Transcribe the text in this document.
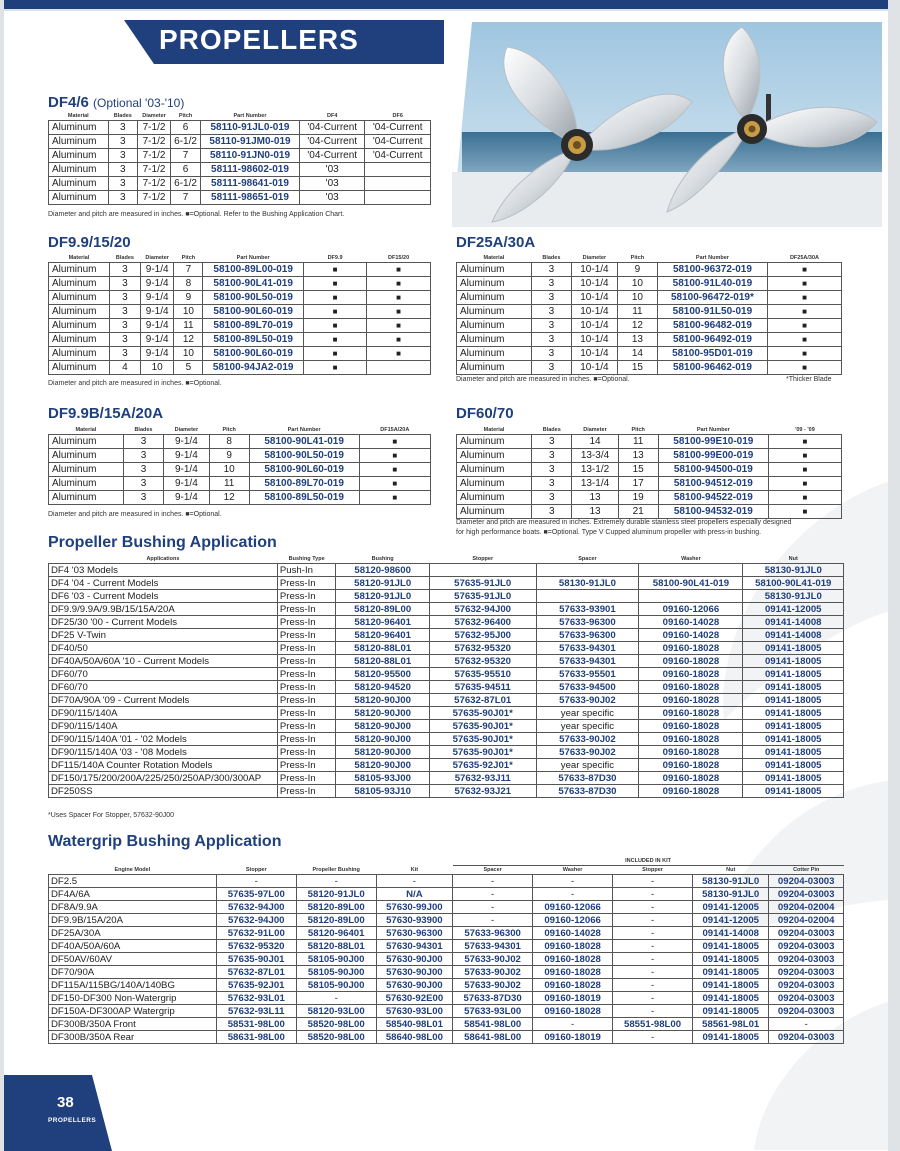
PROPELLERS
DF4/6 (Optional '03-'10)
Material	Blades	Diameter	Pitch	Part Number	DF4	DF6
Aluminum	3	7-1/2	6	58110-91JL0-019	'04-Current	'04-Current
Aluminum	3	7-1/2	6-1/2	58110-91JM0-019	'04-Current	'04-Current
Aluminum	3	7-1/2	7	58110-91JN0-019	'04-Current	'04-Current
Aluminum	3	7-1/2	6	58111-98602-019	'03	
Aluminum	3	7-1/2	6-1/2	58111-98641-019	'03	
Aluminum	3	7-1/2	7	58111-98651-019	'03	
Diameter and pitch are measured in inches. ■=Optional. Refer to the Bushing Application Chart.
DF9.9/15/20
Material	Blades	Diameter	Pitch	Part Number	DF9.9	DF15/20
Aluminum	3	9-1/4	7	58100-89L00-019	■	■
Aluminum	3	9-1/4	8	58100-90L41-019	■	■
Aluminum	3	9-1/4	9	58100-90L50-019	■	■
Aluminum	3	9-1/4	10	58100-90L60-019	■	■
Aluminum	3	9-1/4	11	58100-89L70-019	■	■
Aluminum	3	9-1/4	12	58100-89L50-019	■	■
Aluminum	3	9-1/4	10	58100-90L60-019	■	■
Aluminum	4	10	5	58100-94JA2-019	■	
Diameter and pitch are measured in inches. ■=Optional.
DF25A/30A
Material	Blades	Diameter	Pitch	Part Number	DF25A/30A
Aluminum	3	10-1/4	9	58100-96372-019	■
Aluminum	3	10-1/4	10	58100-91L40-019	■
Aluminum	3	10-1/4	10	58100-96472-019*	■
Aluminum	3	10-1/4	11	58100-91L50-019	■
Aluminum	3	10-1/4	12	58100-96482-019	■
Aluminum	3	10-1/4	13	58100-96492-019	■
Aluminum	3	10-1/4	14	58100-95D01-019	■
Aluminum	3	10-1/4	15	58100-96462-019	■
Diameter and pitch are measured in inches. ■=Optional.	*Thicker Blade
DF9.9B/15A/20A
Material	Blades	Diameter	Pitch	Part Number	DF15A/20A
Aluminum	3	9-1/4	8	58100-90L41-019	■
Aluminum	3	9-1/4	9	58100-90L50-019	■
Aluminum	3	9-1/4	10	58100-90L60-019	■
Aluminum	3	9-1/4	11	58100-89L70-019	■
Aluminum	3	9-1/4	12	58100-89L50-019	■
Diameter and pitch are measured in inches. ■=Optional.
DF60/70
Material	Blades	Diameter	Pitch	Part Number	'09 - '09
Aluminum	3	14	11	58100-99E10-019	■
Aluminum	3	13-3/4	13	58100-99E00-019	■
Aluminum	3	13-1/2	15	58100-94500-019	■
Aluminum	3	13-1/4	17	58100-94512-019	■
Aluminum	3	13	19	58100-94522-019	■
Aluminum	3	13	21	58100-94532-019	■
Diameter and pitch are measured in inches. Extremely durable stainless steel propellers especially designed
for high performance boats. ■=Optional. Type V Cupped aluminum propeller with press-in bushing.
Propeller Bushing Application
Applications	Bushing Type	Bushing	Stopper	Spacer	Washer	Nut
DF4 '03 Models	Push-In	58120-98600				58130-91JL0
DF4 '04 - Current Models	Press-In	58120-91JL0	57635-91JL0	58130-91JL0	58100-90L41-019	58100-90L41-019
DF6 '03 - Current Models	Press-In	58120-91JL0	57635-91JL0			58130-91JL0
DF9.9/9.9A/9.9B/15/15A/20A	Press-In	58120-89L00	57632-94J00	57633-93901	09160-12066	09141-12005
DF25/30 '00 - Current Models	Press-In	58120-96401	57632-96400	57633-96300	09160-14028	09141-14008
DF25 V-Twin	Press-In	58120-96401	57632-95J00	57633-96300	09160-14028	09141-14008
DF40/50	Press-In	58120-88L01	57632-95320	57633-94301	09160-18028	09141-18005
DF40A/50A/60A '10 - Current Models	Press-In	58120-88L01	57632-95320	57633-94301	09160-18028	09141-18005
DF60/70	Press-In	58120-95500	57635-95510	57633-95501	09160-18028	09141-18005
DF60/70	Press-In	58120-94520	57635-94511	57633-94500	09160-18028	09141-18005
DF70A/90A '09 - Current Models	Press-In	58120-90J00	57632-87L01	57633-90J02	09160-18028	09141-18005
DF90/115/140A	Press-In	58120-90J00	57635-90J01*	year specific	09160-18028	09141-18005
DF90/115/140A	Press-In	58120-90J00	57635-90J01*	year specific	09160-18028	09141-18005
DF90/115/140A '01 - '02 Models	Press-In	58120-90J00	57635-90J01*	57633-90J02	09160-18028	09141-18005
DF90/115/140A '03 - '08 Models	Press-In	58120-90J00	57635-90J01*	57633-90J02	09160-18028	09141-18005
DF115/140A Counter Rotation Models	Press-In	58120-90J00	57635-92J01*	year specific	09160-18028	09141-18005
DF150/175/200/200A/225/250/250AP/300/300AP	Press-In	58105-93J00	57632-93J11	57633-87D30	09160-18028	09141-18005
DF250SS	Press-In	58105-93J10	57632-93J21	57633-87D30	09160-18028	09141-18005
*Uses Spacer For Stopper, 57632-90J00
Watergrip Bushing Application
				INCLUDED IN KIT				
Engine Model	Stopper	Propeller Bushing	Kit	Spacer	Washer	Stopper	Nut	Cotter Pin
DF2.5	-	-	-	-	-	-	58130-91JL0	09204-03003
DF4A/6A	57635-97L00	58120-91JL0	N/A	-	-	-	58130-91JL0	09204-03003
DF8A/9.9A	57632-94J00	58120-89L00	57630-99J00	-	09160-12066	-	09141-12005	09204-02004
DF9.9B/15A/20A	57632-94J00	58120-89L00	57630-93900	-	09160-12066	-	09141-12005	09204-02004
DF25A/30A	57632-91L00	58120-96401	57630-96300	57633-96300	09160-14028	-	09141-14008	09204-03003
DF40A/50A/60A	57632-95320	58120-88L01	57630-94301	57633-94301	09160-18028	-	09141-18005	09204-03003
DF50AV/60AV	57635-90J01	58105-90J00	57630-90J00	57633-90J02	09160-18028	-	09141-18005	09204-03003
DF70/90A	57632-87L01	58105-90J00	57630-90J00	57633-90J02	09160-18028	-	09141-18005	09204-03003
DF115A/115BG/140A/140BG	57635-92J01	58105-90J00	57630-90J00	57633-90J02	09160-18028	-	09141-18005	09204-03003
DF150-DF300 Non-Watergrip	57632-93L01	-	57630-92E00	57633-87D30	09160-18019	-	09141-18005	09204-03003
DF150A-DF300AP Watergrip	57632-93L11	58120-93L00	57630-93L00	57633-93L00	09160-18028	-	09141-18005	09204-03003
DF300B/350A Front	58531-98L00	58520-98L00	58540-98L01	58541-98L00	-	58551-98L00	58561-98L01	-
DF300B/350A Rear	58631-98L00	58520-98L00	58640-98L00	58641-98L00	09160-18019	-	09141-18005	09204-03003
38
PROPELLERS
